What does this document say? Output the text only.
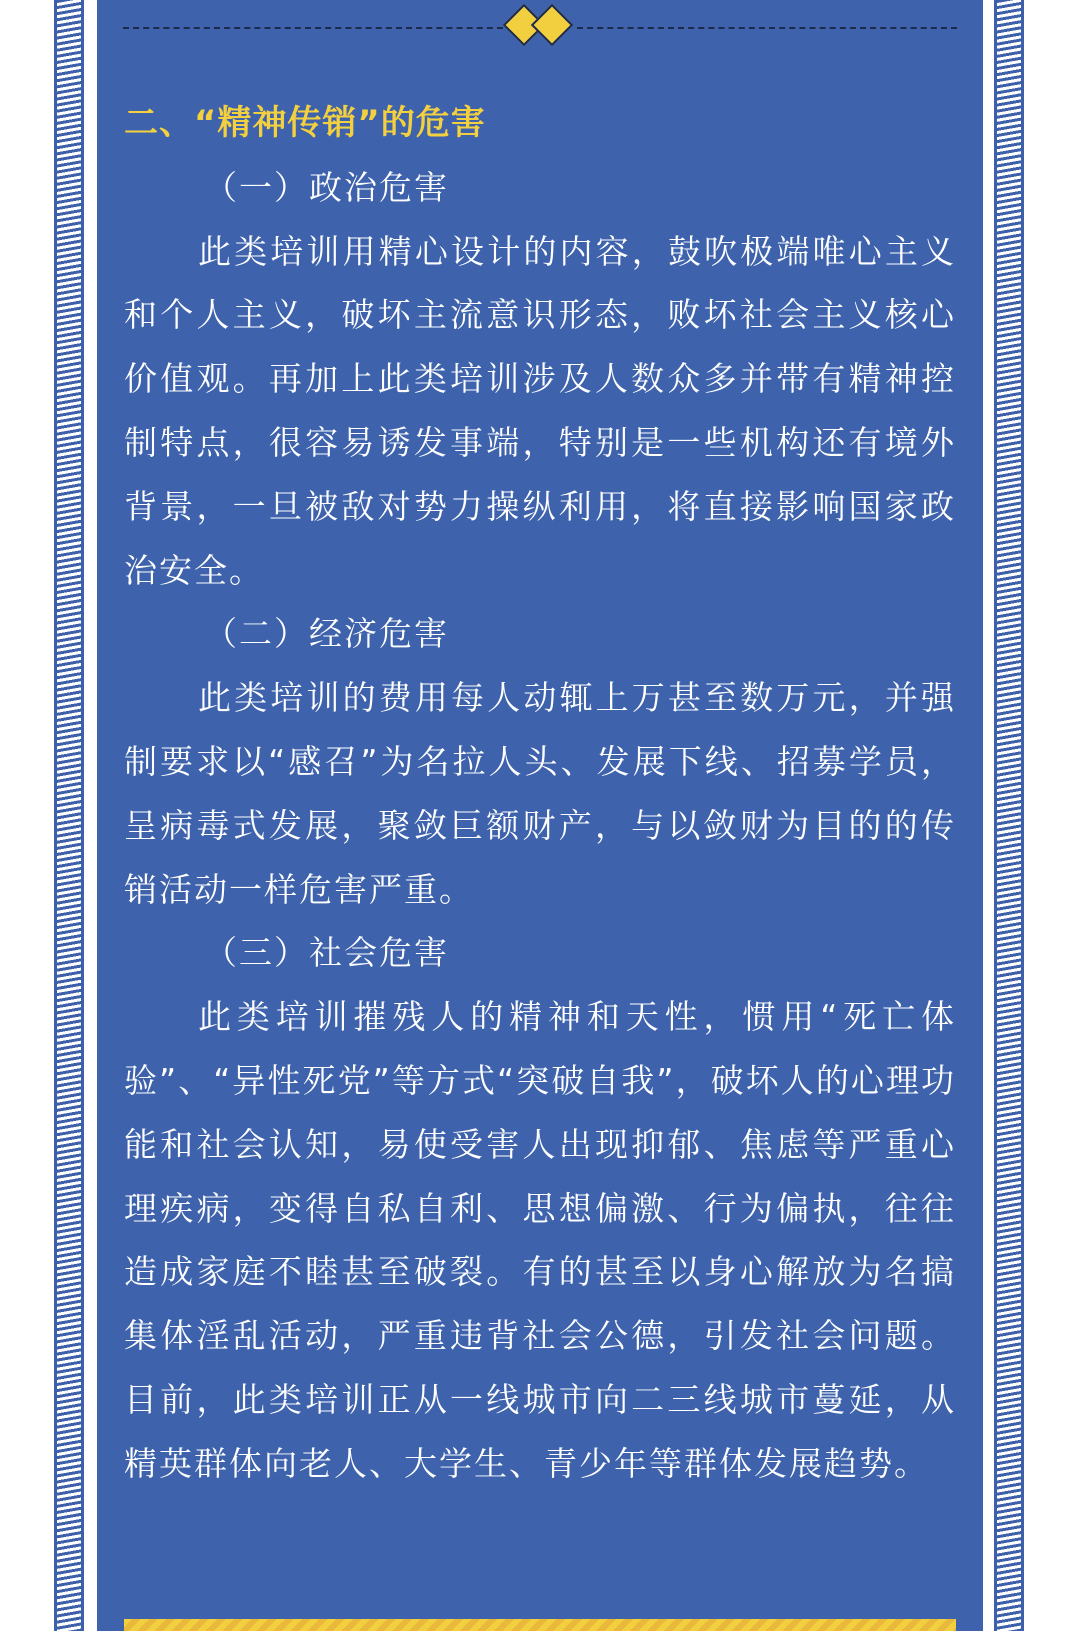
二、“精神传销”的危害

（一）政治危害

此类培训用精心设计的内容，鼓吹极端唯心主义和个人主义，破坏主流意识形态，败坏社会主义核心价值观。再加上此类培训涉及人数众多并带有精神控制特点，很容易诱发事端，特别是一些机构还有境外背景，一旦被敌对势力操纵利用，将直接影响国家政治安全。

（二）经济危害

此类培训的费用每人动辄上万甚至数万元，并强制要求以“感召”为名拉人头、发展下线、招募学员，呈病毒式发展，聚敛巨额财产，与以敛财为目的的传销活动一样危害严重。

（三）社会危害

此类培训摧残人的精神和天性，惯用“死亡体验”、“异性死党”等方式“突破自我”，破坏人的心理功能和社会认知，易使受害人出现抑郁、焦虑等严重心理疾病，变得自私自利、思想偏激、行为偏执，往往造成家庭不睦甚至破裂。有的甚至以身心解放为名搞集体淫乱活动，严重违背社会公德，引发社会问题。目前，此类培训正从一线城市向二三线城市蔓延，从精英群体向老人、大学生、青少年等群体发展趋势。
